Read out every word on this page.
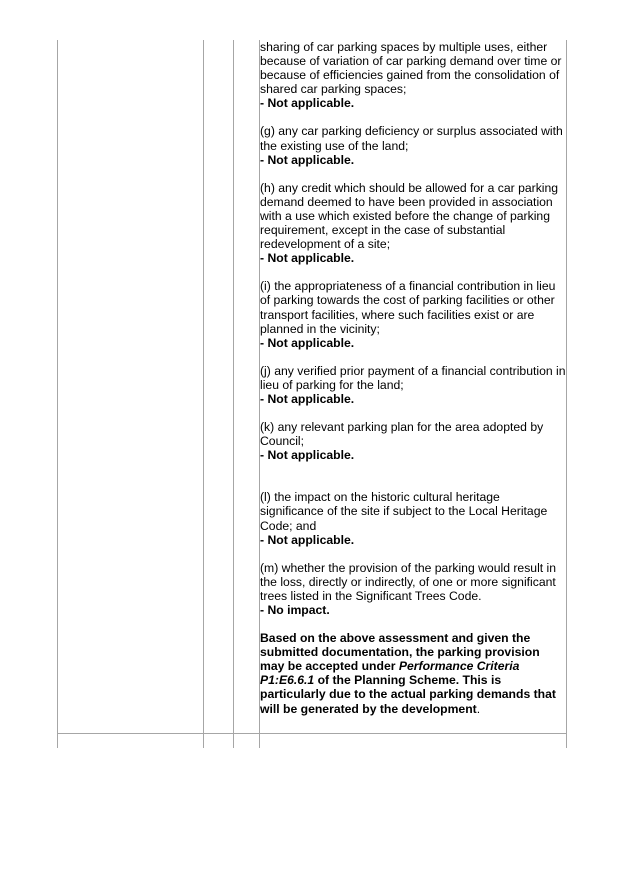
sharing of car parking spaces by multiple uses, either because of variation of car parking demand over time or because of efficiencies gained from the consolidation of shared car parking spaces;

- Not applicable.

(g) any car parking deficiency or surplus associated with the existing use of the land;

- Not applicable.

(h) any credit which should be allowed for a car parking demand deemed to have been provided in association with a use which existed before the change of parking requirement, except in the case of substantial redevelopment of a site;

- Not applicable.

(i) the appropriateness of a financial contribution in lieu of parking towards the cost of parking facilities or other transport facilities, where such facilities exist or are planned in the vicinity;

- Not applicable.

(j) any verified prior payment of a financial contribution in lieu of parking for the land;

- Not applicable.

(k) any relevant parking plan for the area adopted by Council;

- Not applicable.

(l) the impact on the historic cultural heritage significance of the site if subject to the Local Heritage Code; and

- Not applicable.

(m) whether the provision of the parking would result in the loss, directly or indirectly, of one or more significant trees listed in the Significant Trees Code.

- No impact.

Based on the above assessment and given the submitted documentation, the parking provision may be accepted under Performance Criteria P1:E6.6.1 of the Planning Scheme. This is particularly due to the actual parking demands that will be generated by the development.
